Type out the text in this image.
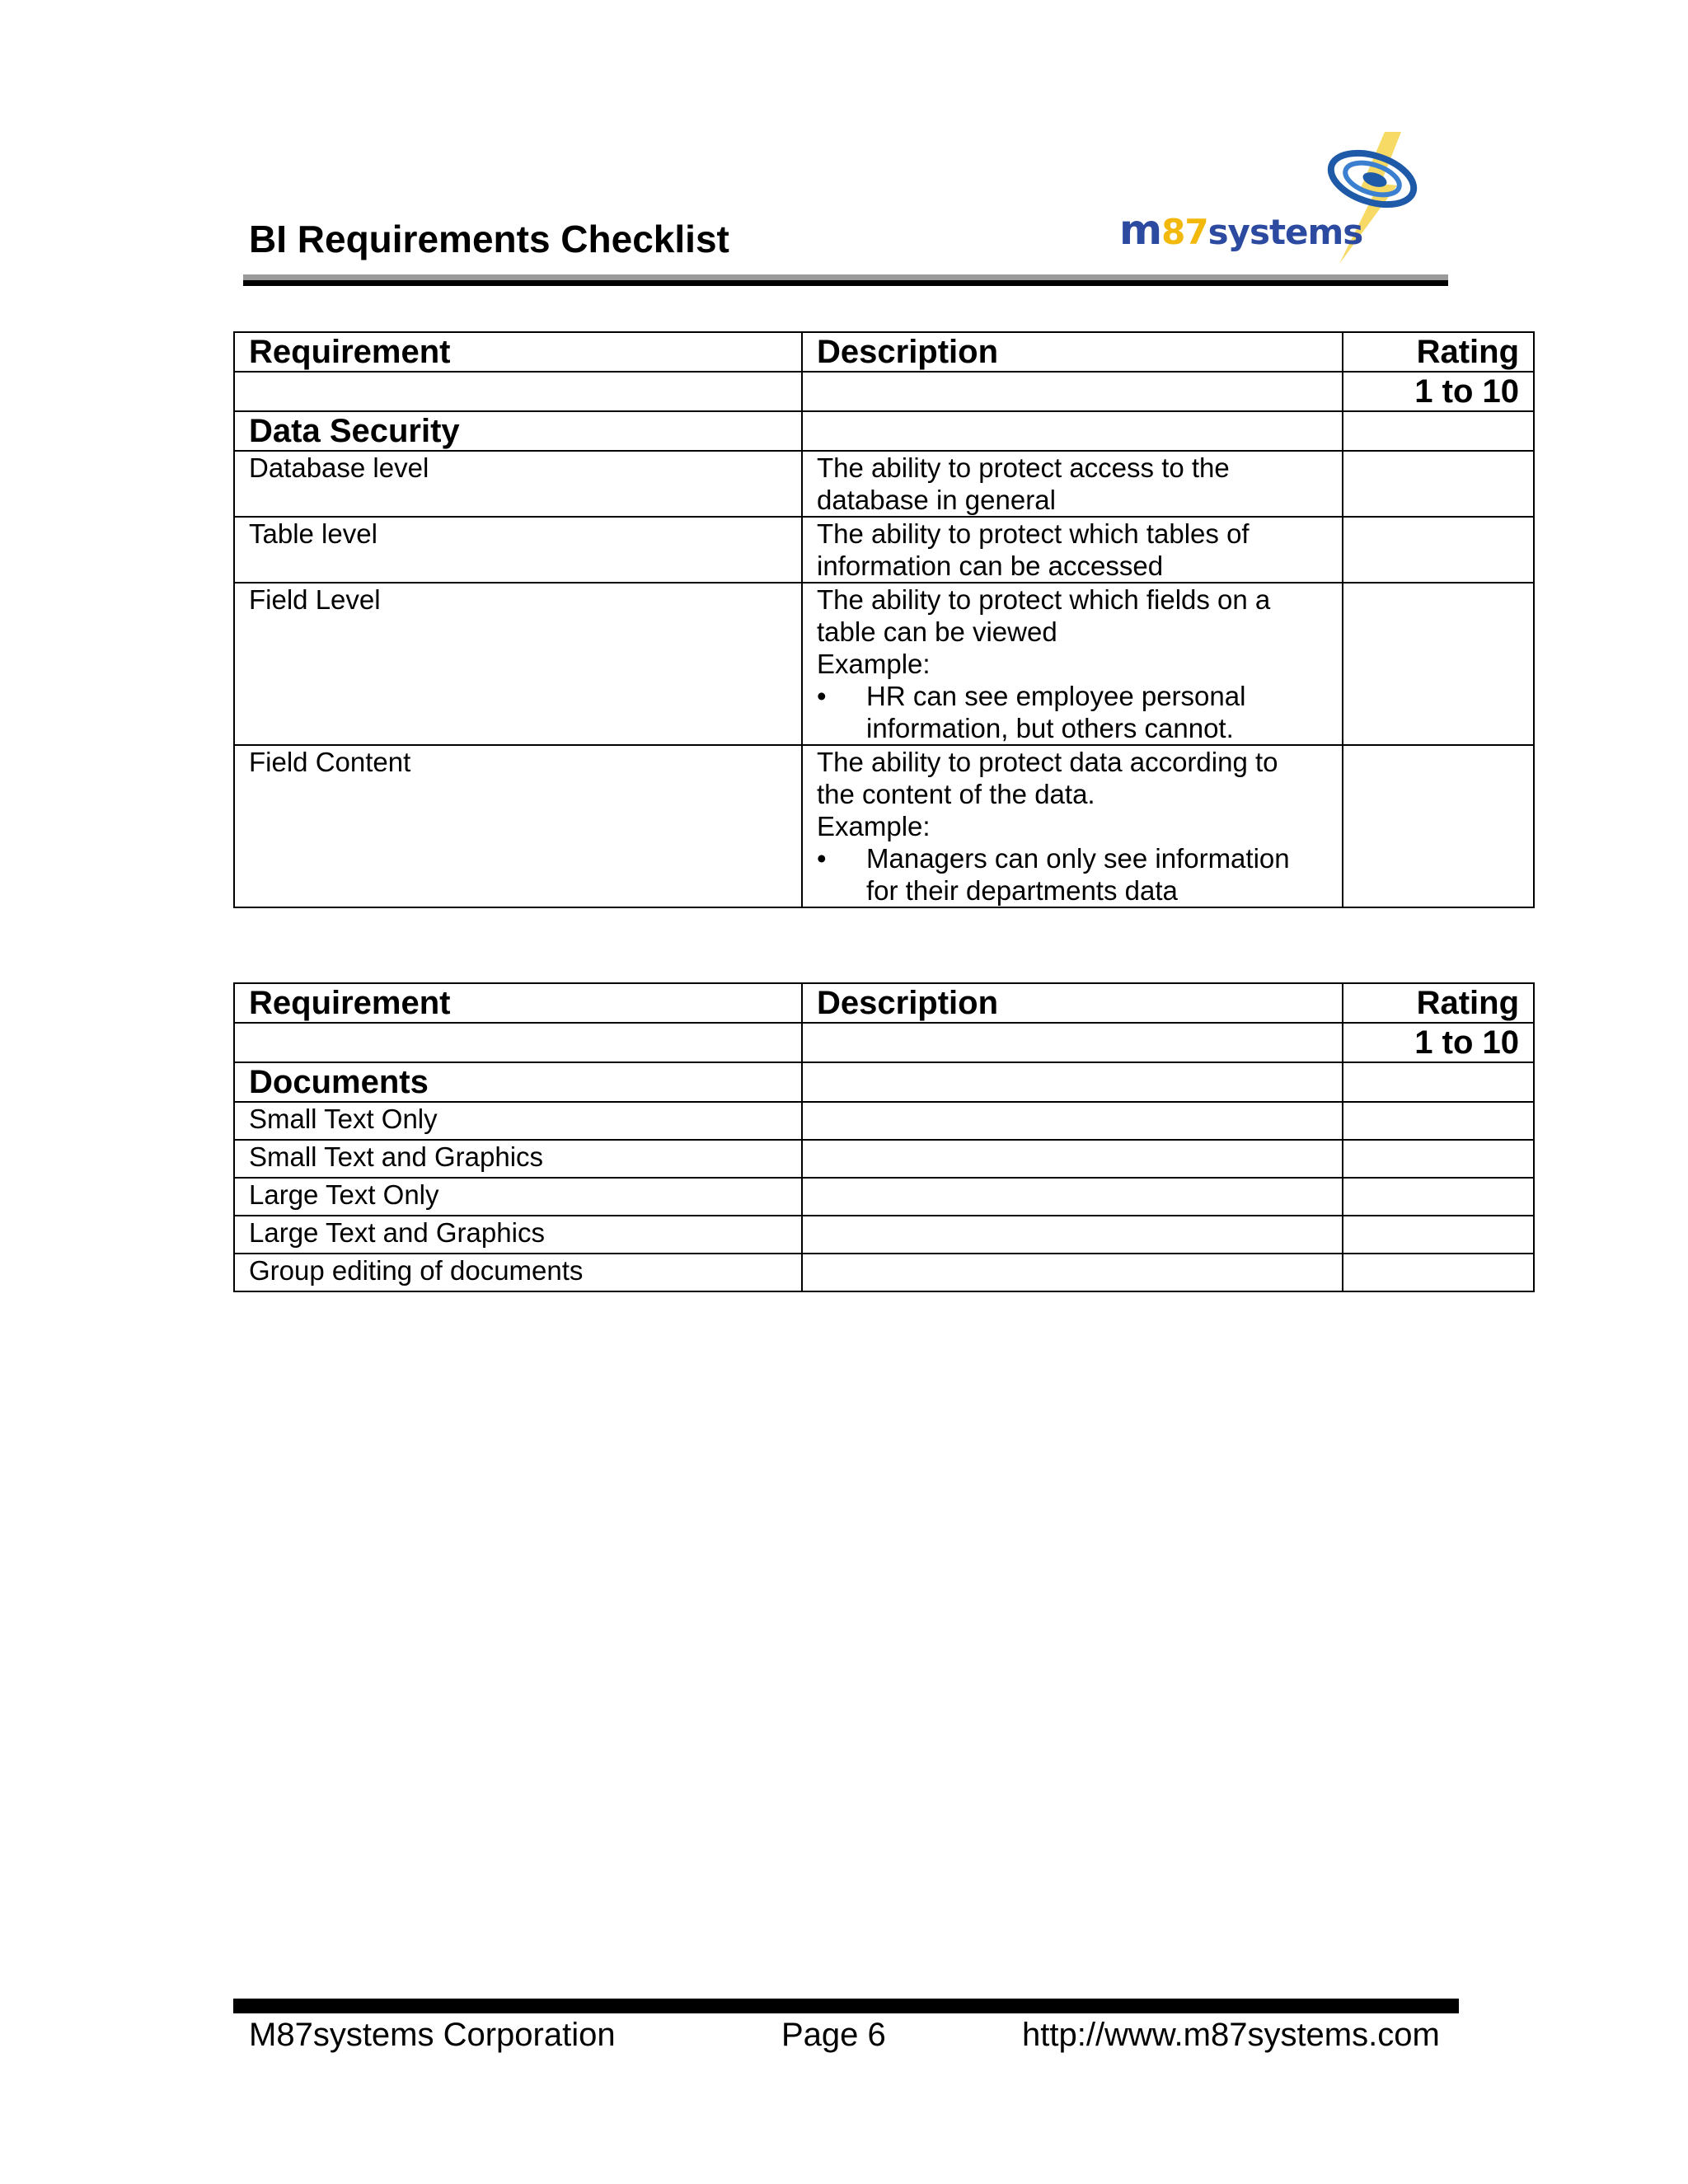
BI Requirements Checklist	m87systems

Requirement	Description	Rating
		1 to 10

Data Security		

Database level	The ability to protect access to the
database in general	

Table level	The ability to protect which tables of
information can be accessed	

Field Level	The ability to protect which fields on a
table can be viewed
Example:
• HR can see employee personal information, but others cannot.	

Field Content	The ability to protect data according to
the content of the data.
Example:
• Managers can only see information for their departments data	

Requirement	Description	Rating
		1 to 10

Documents		

Small Text Only		
Small Text and Graphics		
Large Text Only		
Large Text and Graphics		
Group editing of documents		

M87systems Corporation	Page 6	http://www.m87systems.com
